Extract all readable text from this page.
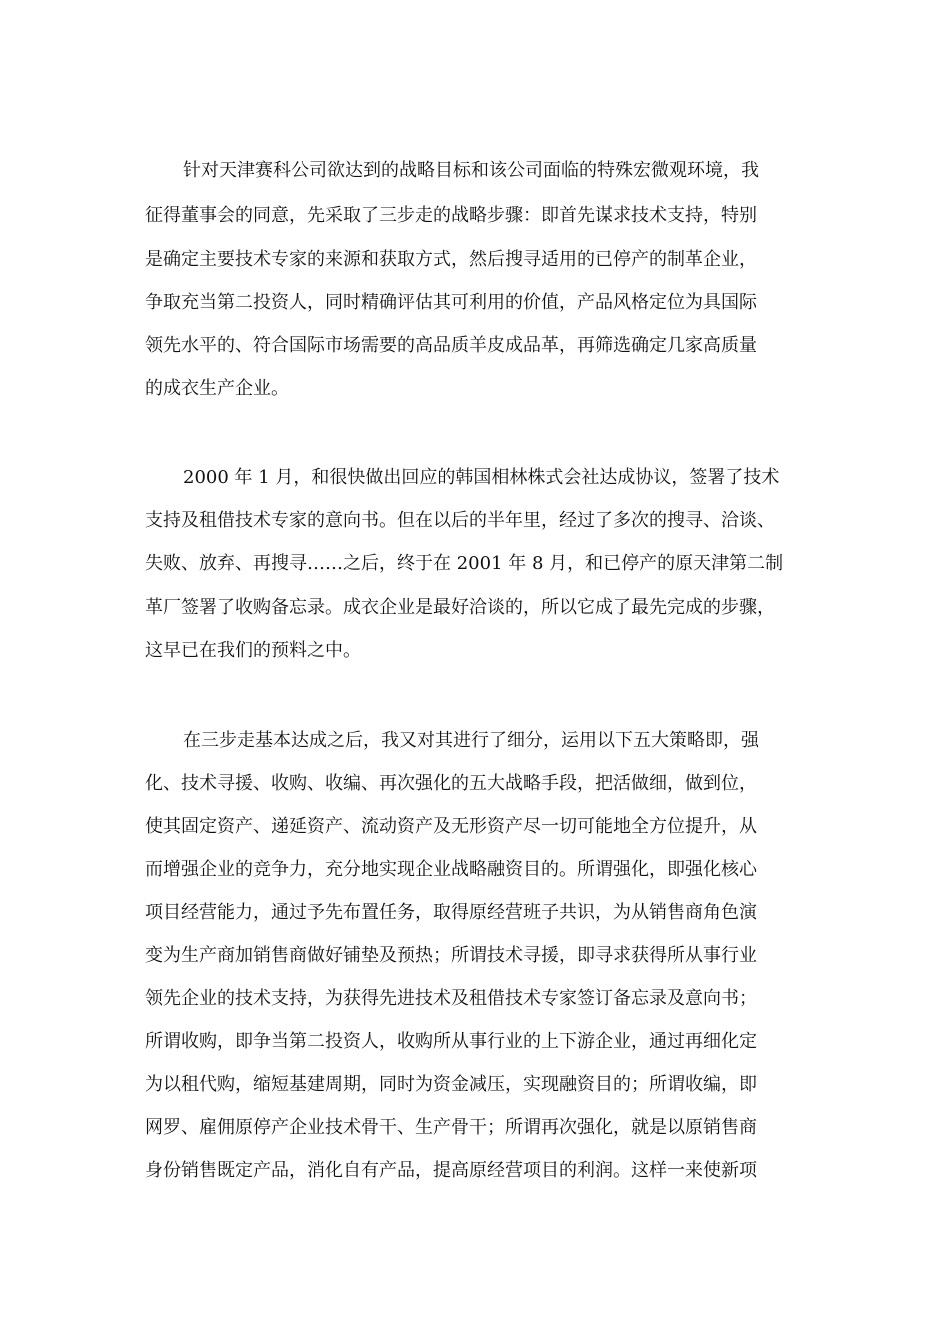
针对天津赛科公司欲达到的战略目标和该公司面临的特殊宏微观环境，我
征得董事会的同意，先采取了三步走的战略步骤：即首先谋求技术支持，特别
是确定主要技术专家的来源和获取方式，然后搜寻适用的已停产的制革企业，
争取充当第二投资人，同时精确评估其可利用的价值，产品风格定位为具国际
领先水平的、符合国际市场需要的高品质羊皮成品革，再筛选确定几家高质量
的成衣生产企业。
2000 年 1 月，和很快做出回应的韩国相林株式会社达成协议，签署了技术
支持及租借技术专家的意向书。但在以后的半年里，经过了多次的搜寻、洽谈、
失败、放弃、再搜寻……之后，终于在 2001 年 8 月，和已停产的原天津第二制
革厂签署了收购备忘录。成衣企业是最好洽谈的，所以它成了最先完成的步骤，
这早已在我们的预料之中。
在三步走基本达成之后，我又对其进行了细分，运用以下五大策略即，强
化、技术寻援、收购、收编、再次强化的五大战略手段，把活做细，做到位，
使其固定资产、递延资产、流动资产及无形资产尽一切可能地全方位提升，从
而增强企业的竞争力，充分地实现企业战略融资目的。所谓强化，即强化核心
项目经营能力，通过予先布置任务，取得原经营班子共识，为从销售商角色演
变为生产商加销售商做好铺垫及预热；所谓技术寻援，即寻求获得所从事行业
领先企业的技术支持，为获得先进技术及租借技术专家签订备忘录及意向书；
所谓收购，即争当第二投资人，收购所从事行业的上下游企业，通过再细化定
为以租代购，缩短基建周期，同时为资金减压，实现融资目的；所谓收编，即
网罗、雇佣原停产企业技术骨干、生产骨干；所谓再次强化，就是以原销售商
身份销售既定产品，消化自有产品，提高原经营项目的利润。这样一来使新项
